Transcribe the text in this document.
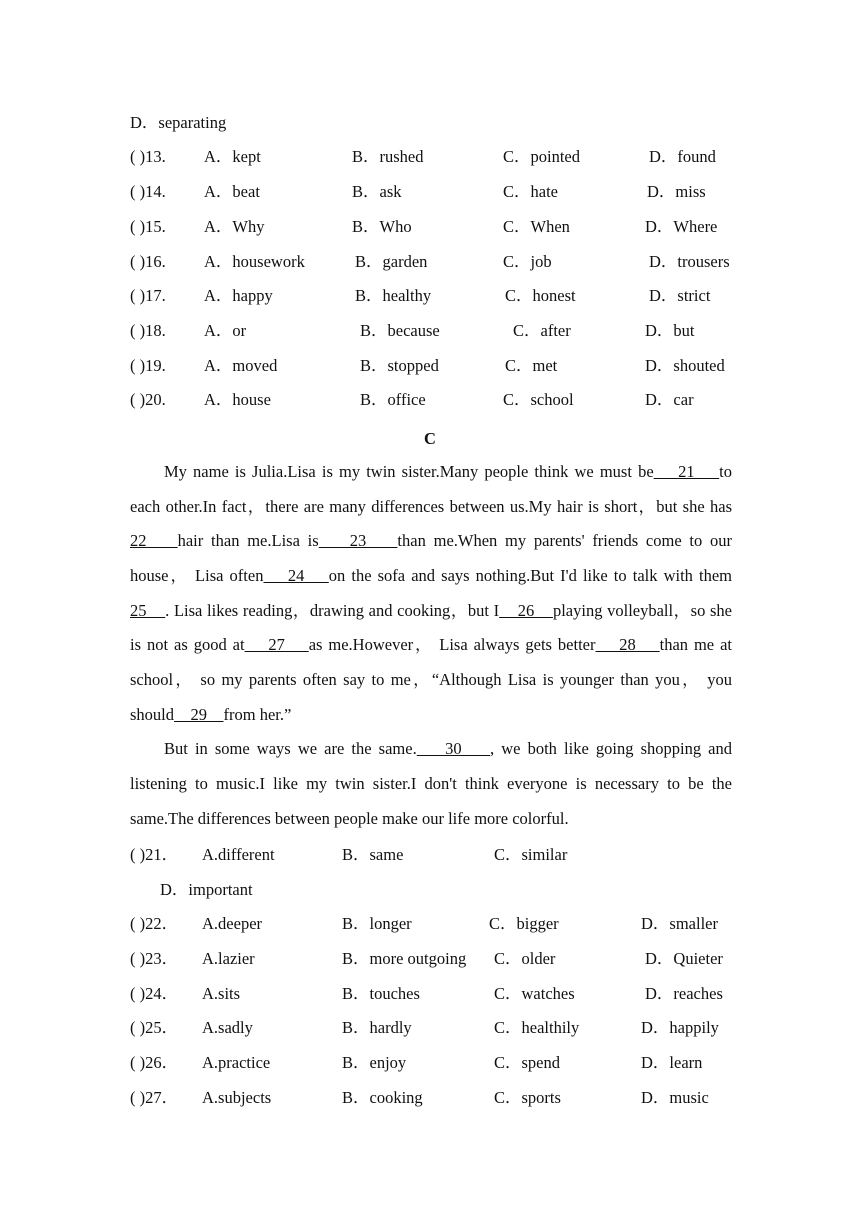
D．separating
( )13. A．kept	B．rushed	C．pointed	D．found
( )14. A．beat	B．ask	C．hate	D．miss
( )15. A．Why	B．Who	C．When	D．Where
( )16. A．housework	B．garden	C．job	D．trousers
( )17. A．happy	B．healthy	C．honest	D．strict
( )18. A．or	B．because	C．after	D．but
( )19. A．moved	B．stopped	C．met	D．shouted
( )20. A．house	B．office	C．school	D．car
C
My name is Julia.Lisa is my twin sister.Many people think we must be    21    to
each other.In fact，there are many differences between us.My hair is short，but she has
22    hair than me.Lisa is    23    than me.When my parents' friends come to our
house， Lisa often    24    on the sofa and says nothing.But I'd like to talk with them
25    . Lisa likes reading，drawing and cooking，but I    26    playing volleyball，so she
is not as good at    27    as me.However， Lisa always gets better    28    than me at
school， so my parents often say to me，“Although Lisa is younger than you， you
should    29    from her.”
But in some ways we are the same.    30    , we both like going shopping and
listening to music.I like my twin sister.I don't think everyone is necessary to be the
same.The differences between people make our life more colorful.
( )21． A.different	B．same	C．similar
D．important
( )22． A.deeper	B．longer	C．bigger	D．smaller
( )23． A.lazier	B．more outgoing C．older	D．Quieter
( )24． A.sits	B．touches	C．watches	D．reaches
( )25． A.sadly	B．hardly	C．healthily	D．happily
( )26． A.practice	B．enjoy	C．spend	D．learn
( )27． A.subjects	B．cooking	C．sports	D．music
